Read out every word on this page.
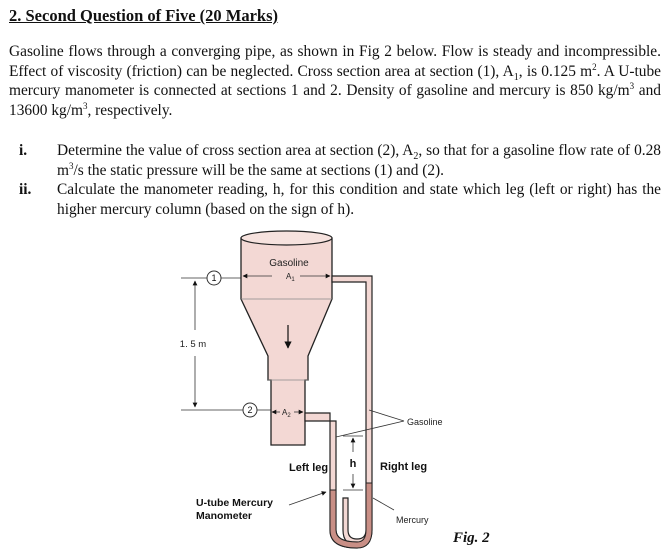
2. Second Question of Five (20 Marks)
Gasoline flows through a converging pipe, as shown in Fig 2 below. Flow is steady and incompressible. Effect of viscosity (friction) can be neglected. Cross section area at section (1), $A_1$, is 0.125 $m^2$. A U-tube mercury manometer is connected at sections 1 and 2. Density of gasoline and mercury is 850 $kg/m^3$ and 13600 $kg/m^3$, respectively.
i. Determine the value of cross section area at section (2), $A_2$, so that for a gasoline flow rate of 0.28 $m^3/s$ the static pressure will be the same at sections (1) and (2).
ii. Calculate the manometer reading, h, for this condition and state which leg (left or right) has the higher mercury column (based on the sign of h).
1
Gasoline
$A_1$
2	$A_2$
1. 5 m
h
Gasoline
Left leg	Right leg
U-tube Mercury
Manometer	Mercury
Fig. 2
